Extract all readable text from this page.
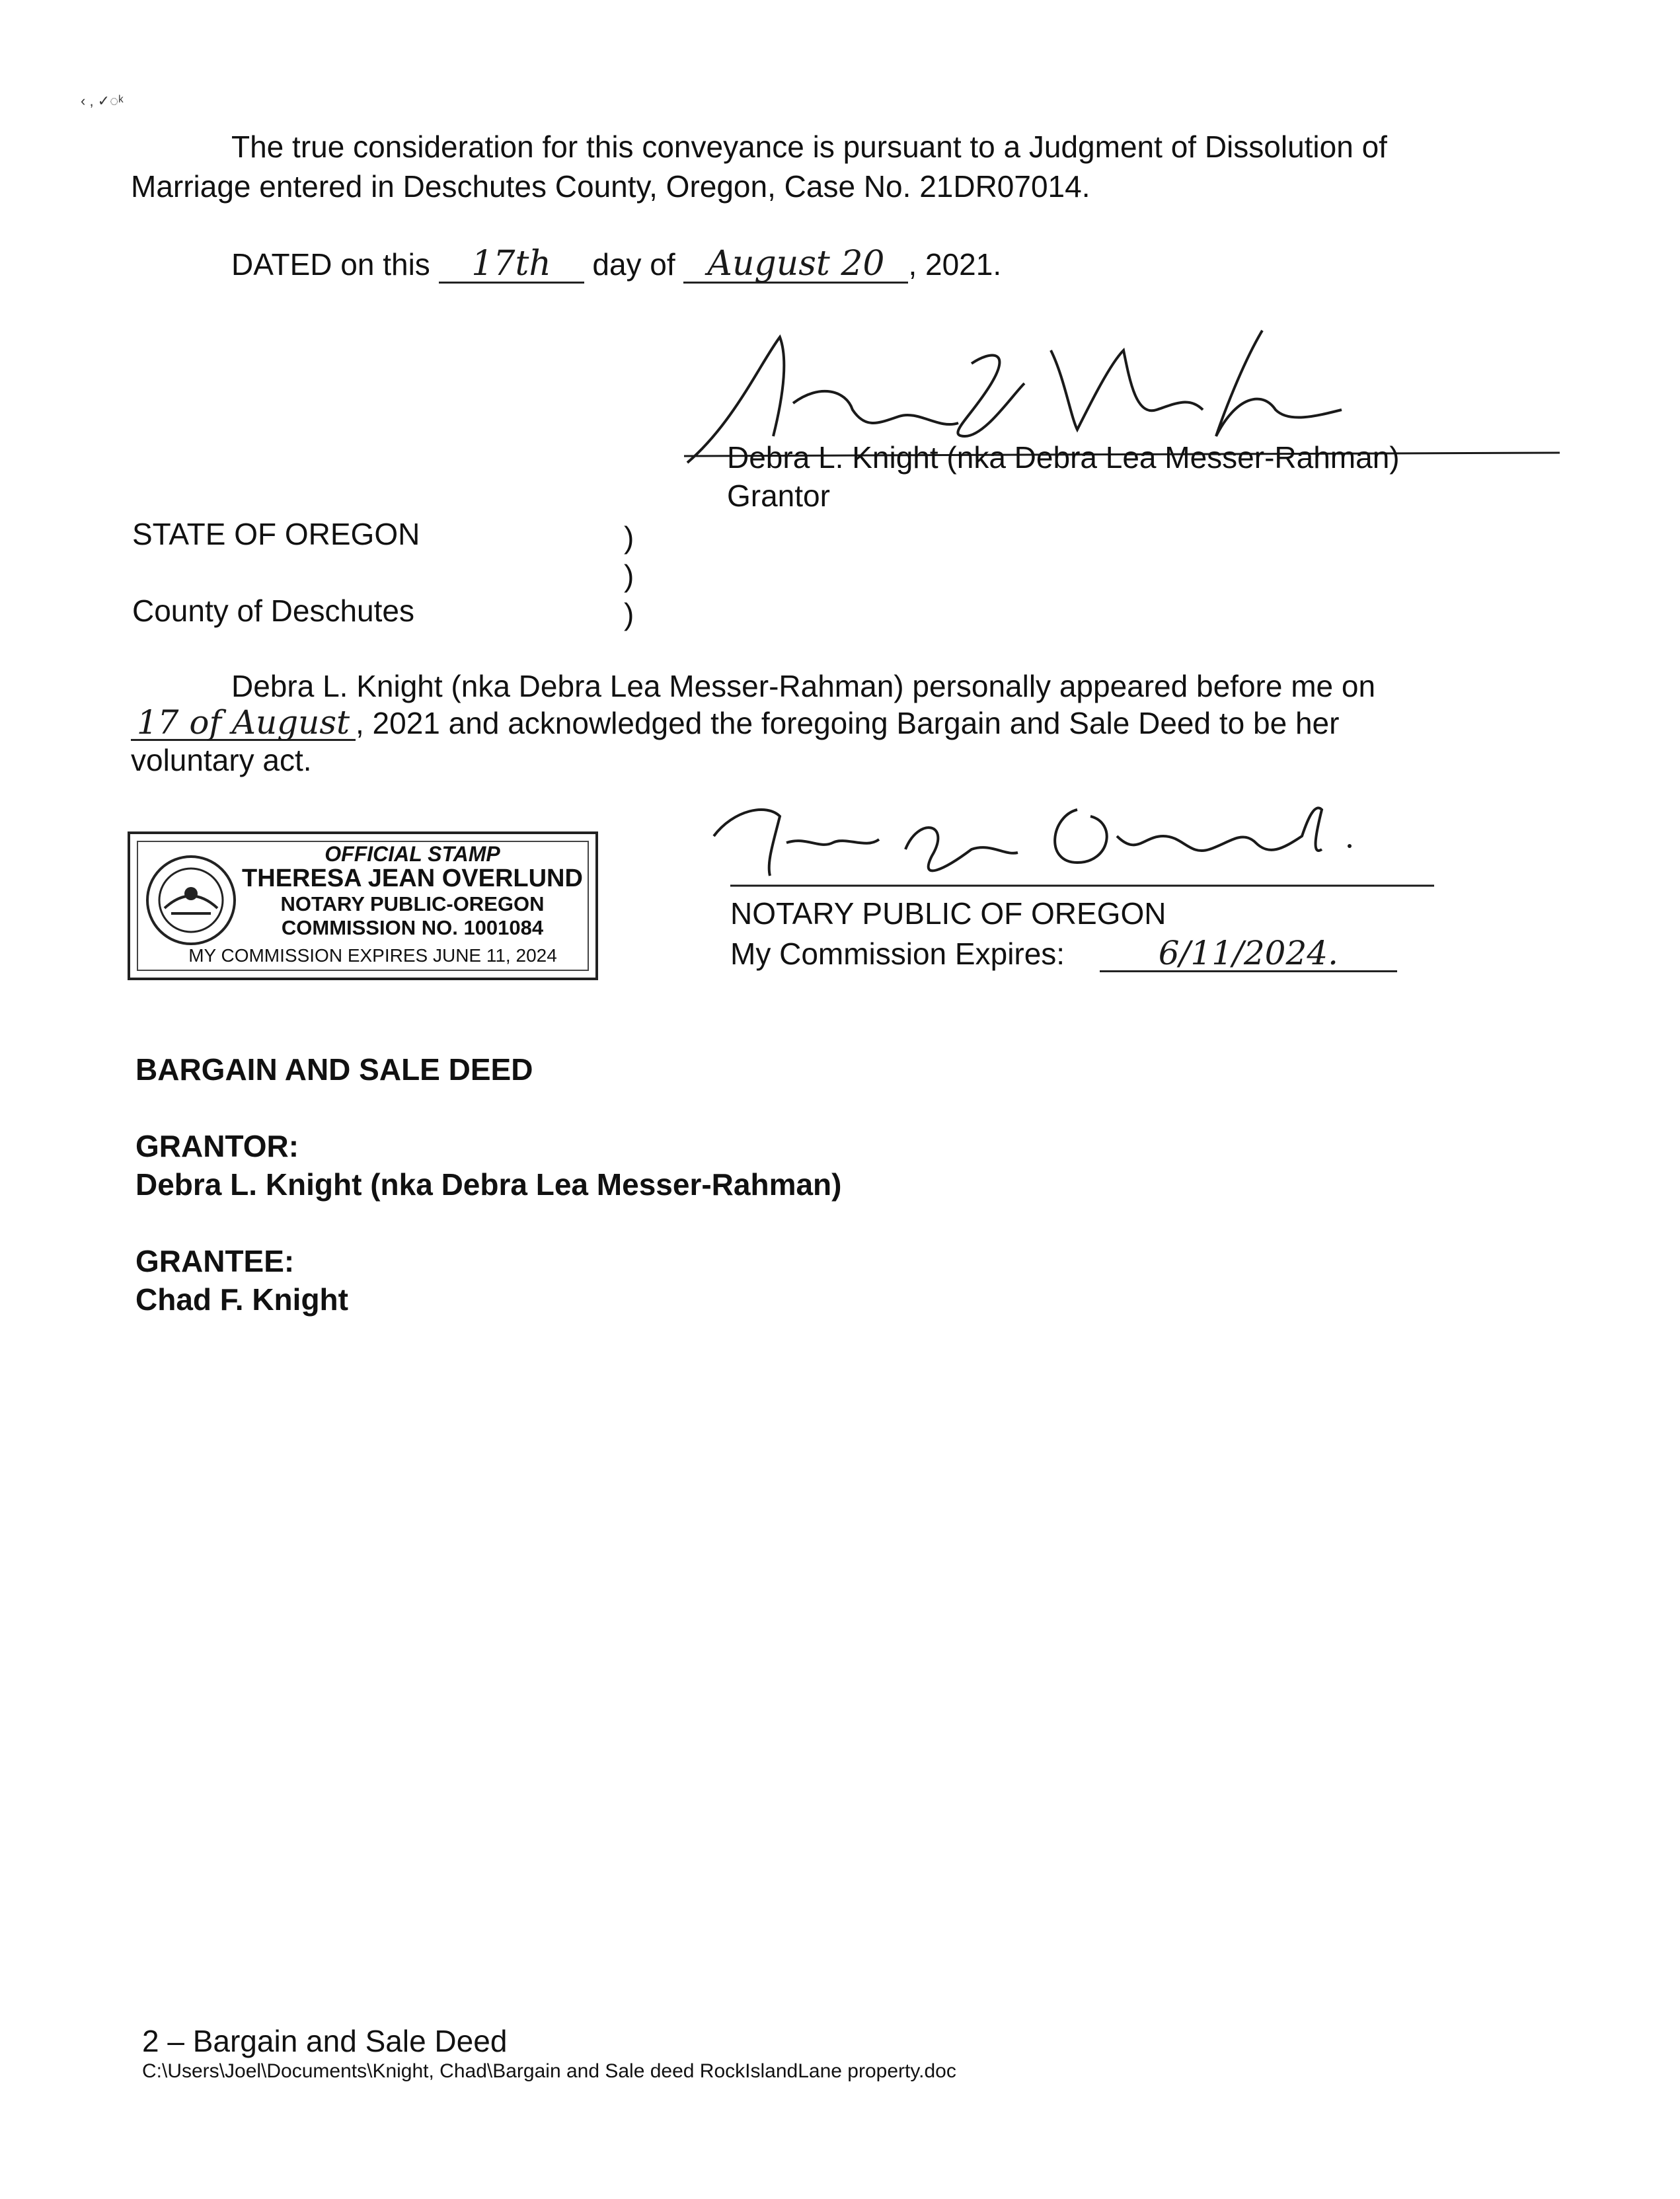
‹ , ✓◌ᵏ
The true consideration for this conveyance is pursuant to a Judgment of Dissolution of
Marriage entered in Deschutes County, Oregon, Case No. 21DR07014.
DATED on this 17th day of August 20 , 2021.
Debra L. Knight (nka Debra Lea Messer-Rahman)
Grantor
STATE OF OREGON
County of Deschutes
)
)
)
Debra L. Knight (nka Debra Lea Messer-Rahman) personally appeared before me on
17 of August , 2021 and acknowledged the foregoing Bargain and Sale Deed to be her
voluntary act.
OFFICIAL STAMP
THERESA JEAN OVERLUND
NOTARY PUBLIC-OREGON
COMMISSION NO. 1001084
MY COMMISSION EXPIRES JUNE 11, 2024
NOTARY PUBLIC OF OREGON
My Commission Expires:	6/11/2024.
BARGAIN AND SALE DEED
GRANTOR:
Debra L. Knight (nka Debra Lea Messer-Rahman)
GRANTEE:
Chad F. Knight
2 – Bargain and Sale Deed
C:\Users\Joel\Documents\Knight, Chad\Bargain and Sale deed RockIslandLane property.doc
